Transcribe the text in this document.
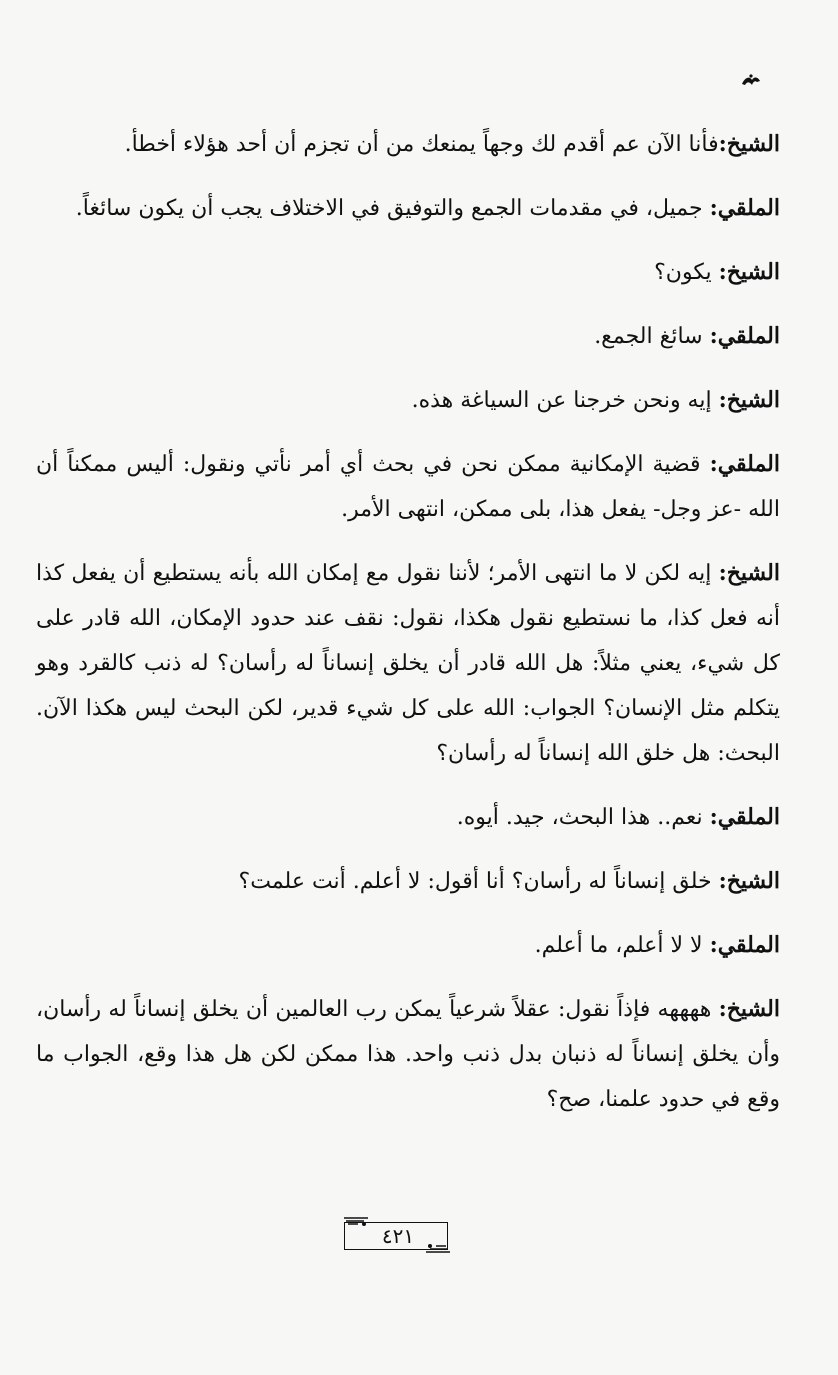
الشيخ:فأنا الآن عم أقدم لك وجهاً يمنعك من أن تجزم أن أحد هؤلاء أخطأ.

الملقي: جميل، في مقدمات الجمع والتوفيق في الاختلاف يجب أن يكون سائغاً.

الشيخ: يكون؟

الملقي: سائغ الجمع.

الشيخ: إيه ونحن خرجنا عن السياغة هذه.

الملقي: قضية الإمكانية ممكن نحن في بحث أي أمر نأتي ونقول: أليس ممكناً أن الله -عز وجل- يفعل هذا، بلى ممكن، انتهى الأمر.

الشيخ: إيه لكن لا ما انتهى الأمر؛ لأننا نقول مع إمكان الله بأنه يستطيع أن يفعل كذا أنه فعل كذا، ما نستطيع نقول هكذا، نقول: نقف عند حدود الإمكان، الله قادر على كل شيء، يعني مثلاً: هل الله قادر أن يخلق إنساناً له رأسان؟ له ذنب كالقرد وهو يتكلم مثل الإنسان؟ الجواب: الله على كل شيء قدير، لكن البحث ليس هكذا الآن. البحث: هل خلق الله إنساناً له رأسان؟

الملقي: نعم.. هذا البحث، جيد. أيوه.

الشيخ: خلق إنساناً له رأسان؟ أنا أقول: لا أعلم. أنت علمت؟

الملقي: لا لا أعلم، ما أعلم.

الشيخ: ههههه فإذاً نقول: عقلاً شرعياً يمكن رب العالمين أن يخلق إنساناً له رأسان، وأن يخلق إنساناً له ذنبان بدل ذنب واحد. هذا ممكن لكن هل هذا وقع، الجواب ما وقع في حدود علمنا، صح؟

٤٢١
